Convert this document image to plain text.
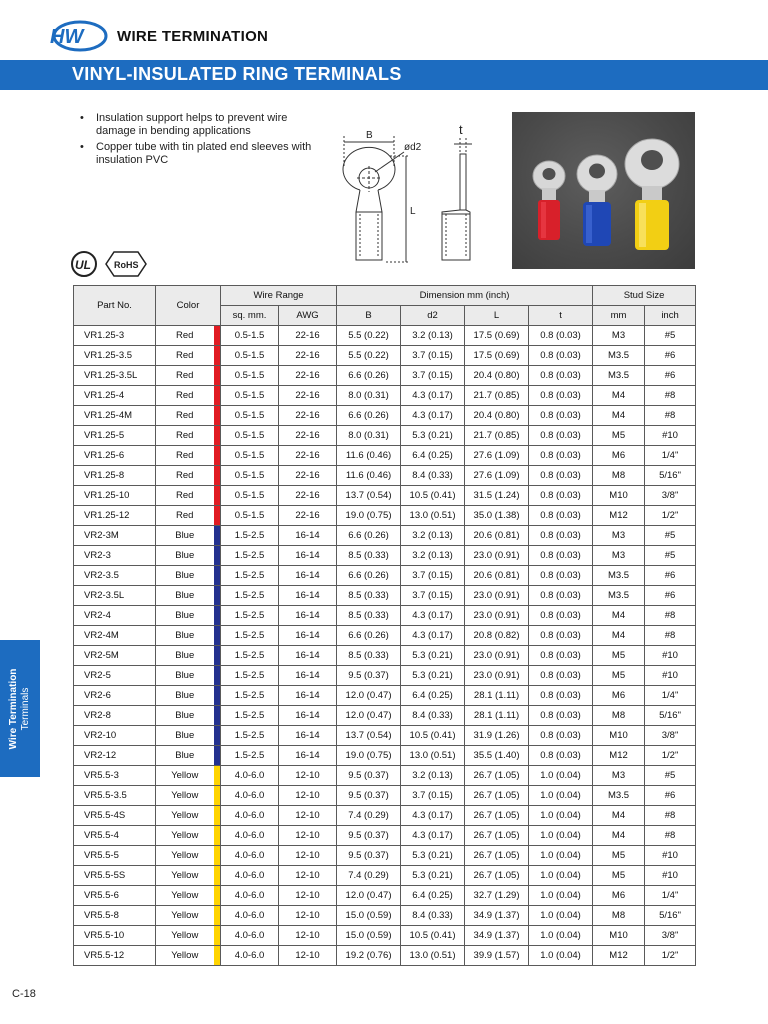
HW WIRE TERMINATION
VINYL-INSULATED RING TERMINALS
• Insulation support helps to prevent wire damage in bending applications
• Copper tube with tin plated end sleeves with insulation PVC
B
ød2
t
L
UL	RoHS
Part No.	Color		Wire Range		Dimension mm (inch)				Stud Size	
			sq. mm.	AWG	B	d2	L	t	mm	inch
VR1.25-3	Red		0.5-1.5	22-16	5.5 (0.22)	3.2 (0.13)	17.5 (0.69)	0.8 (0.03)	M3	#5
VR1.25-3.5	Red		0.5-1.5	22-16	5.5 (0.22)	3.7 (0.15)	17.5 (0.69)	0.8 (0.03)	M3.5	#6
VR1.25-3.5L	Red		0.5-1.5	22-16	6.6 (0.26)	3.7 (0.15)	20.4 (0.80)	0.8 (0.03)	M3.5	#6
VR1.25-4	Red		0.5-1.5	22-16	8.0 (0.31)	4.3 (0.17)	21.7 (0.85)	0.8 (0.03)	M4	#8
VR1.25-4M	Red		0.5-1.5	22-16	6.6 (0.26)	4.3 (0.17)	20.4 (0.80)	0.8 (0.03)	M4	#8
VR1.25-5	Red		0.5-1.5	22-16	8.0 (0.31)	5.3 (0.21)	21.7 (0.85)	0.8 (0.03)	M5	#10
VR1.25-6	Red		0.5-1.5	22-16	11.6 (0.46)	6.4 (0.25)	27.6 (1.09)	0.8 (0.03)	M6	1/4"
VR1.25-8	Red		0.5-1.5	22-16	11.6 (0.46)	8.4 (0.33)	27.6 (1.09)	0.8 (0.03)	M8	5/16"
VR1.25-10	Red		0.5-1.5	22-16	13.7 (0.54)	10.5 (0.41)	31.5 (1.24)	0.8 (0.03)	M10	3/8"
VR1.25-12	Red		0.5-1.5	22-16	19.0 (0.75)	13.0 (0.51)	35.0 (1.38)	0.8 (0.03)	M12	1/2"
VR2-3M	Blue		1.5-2.5	16-14	6.6 (0.26)	3.2 (0.13)	20.6 (0.81)	0.8 (0.03)	M3	#5
VR2-3	Blue		1.5-2.5	16-14	8.5 (0.33)	3.2 (0.13)	23.0 (0.91)	0.8 (0.03)	M3	#5
VR2-3.5	Blue		1.5-2.5	16-14	6.6 (0.26)	3.7 (0.15)	20.6 (0.81)	0.8 (0.03)	M3.5	#6
VR2-3.5L	Blue		1.5-2.5	16-14	8.5 (0.33)	3.7 (0.15)	23.0 (0.91)	0.8 (0.03)	M3.5	#6
VR2-4	Blue		1.5-2.5	16-14	8.5 (0.33)	4.3 (0.17)	23.0 (0.91)	0.8 (0.03)	M4	#8
VR2-4M	Blue		1.5-2.5	16-14	6.6 (0.26)	4.3 (0.17)	20.8 (0.82)	0.8 (0.03)	M4	#8
VR2-5M	Blue		1.5-2.5	16-14	8.5 (0.33)	5.3 (0.21)	23.0 (0.91)	0.8 (0.03)	M5	#10
VR2-5	Blue		1.5-2.5	16-14	9.5 (0.37)	5.3 (0.21)	23.0 (0.91)	0.8 (0.03)	M5	#10
VR2-6	Blue		1.5-2.5	16-14	12.0 (0.47)	6.4 (0.25)	28.1 (1.11)	0.8 (0.03)	M6	1/4"
VR2-8	Blue		1.5-2.5	16-14	12.0 (0.47)	8.4 (0.33)	28.1 (1.11)	0.8 (0.03)	M8	5/16"
VR2-10	Blue		1.5-2.5	16-14	13.7 (0.54)	10.5 (0.41)	31.9 (1.26)	0.8 (0.03)	M10	3/8"
VR2-12	Blue		1.5-2.5	16-14	19.0 (0.75)	13.0 (0.51)	35.5 (1.40)	0.8 (0.03)	M12	1/2"
VR5.5-3	Yellow		4.0-6.0	12-10	9.5 (0.37)	3.2 (0.13)	26.7 (1.05)	1.0 (0.04)	M3	#5
VR5.5-3.5	Yellow		4.0-6.0	12-10	9.5 (0.37)	3.7 (0.15)	26.7 (1.05)	1.0 (0.04)	M3.5	#6
VR5.5-4S	Yellow		4.0-6.0	12-10	7.4 (0.29)	4.3 (0.17)	26.7 (1.05)	1.0 (0.04)	M4	#8
VR5.5-4	Yellow		4.0-6.0	12-10	9.5 (0.37)	4.3 (0.17)	26.7 (1.05)	1.0 (0.04)	M4	#8
VR5.5-5	Yellow		4.0-6.0	12-10	9.5 (0.37)	5.3 (0.21)	26.7 (1.05)	1.0 (0.04)	M5	#10
VR5.5-5S	Yellow		4.0-6.0	12-10	7.4 (0.29)	5.3 (0.21)	26.7 (1.05)	1.0 (0.04)	M5	#10
VR5.5-6	Yellow		4.0-6.0	12-10	12.0 (0.47)	6.4 (0.25)	32.7 (1.29)	1.0 (0.04)	M6	1/4"
VR5.5-8	Yellow		4.0-6.0	12-10	15.0 (0.59)	8.4 (0.33)	34.9 (1.37)	1.0 (0.04)	M8	5/16"
VR5.5-10	Yellow		4.0-6.0	12-10	15.0 (0.59)	10.5 (0.41)	34.9 (1.37)	1.0 (0.04)	M10	3/8"
VR5.5-12	Yellow		4.0-6.0	12-10	19.2 (0.76)	13.0 (0.51)	39.9 (1.57)	1.0 (0.04)	M12	1/2"
Wire Termination Terminals
C-18
